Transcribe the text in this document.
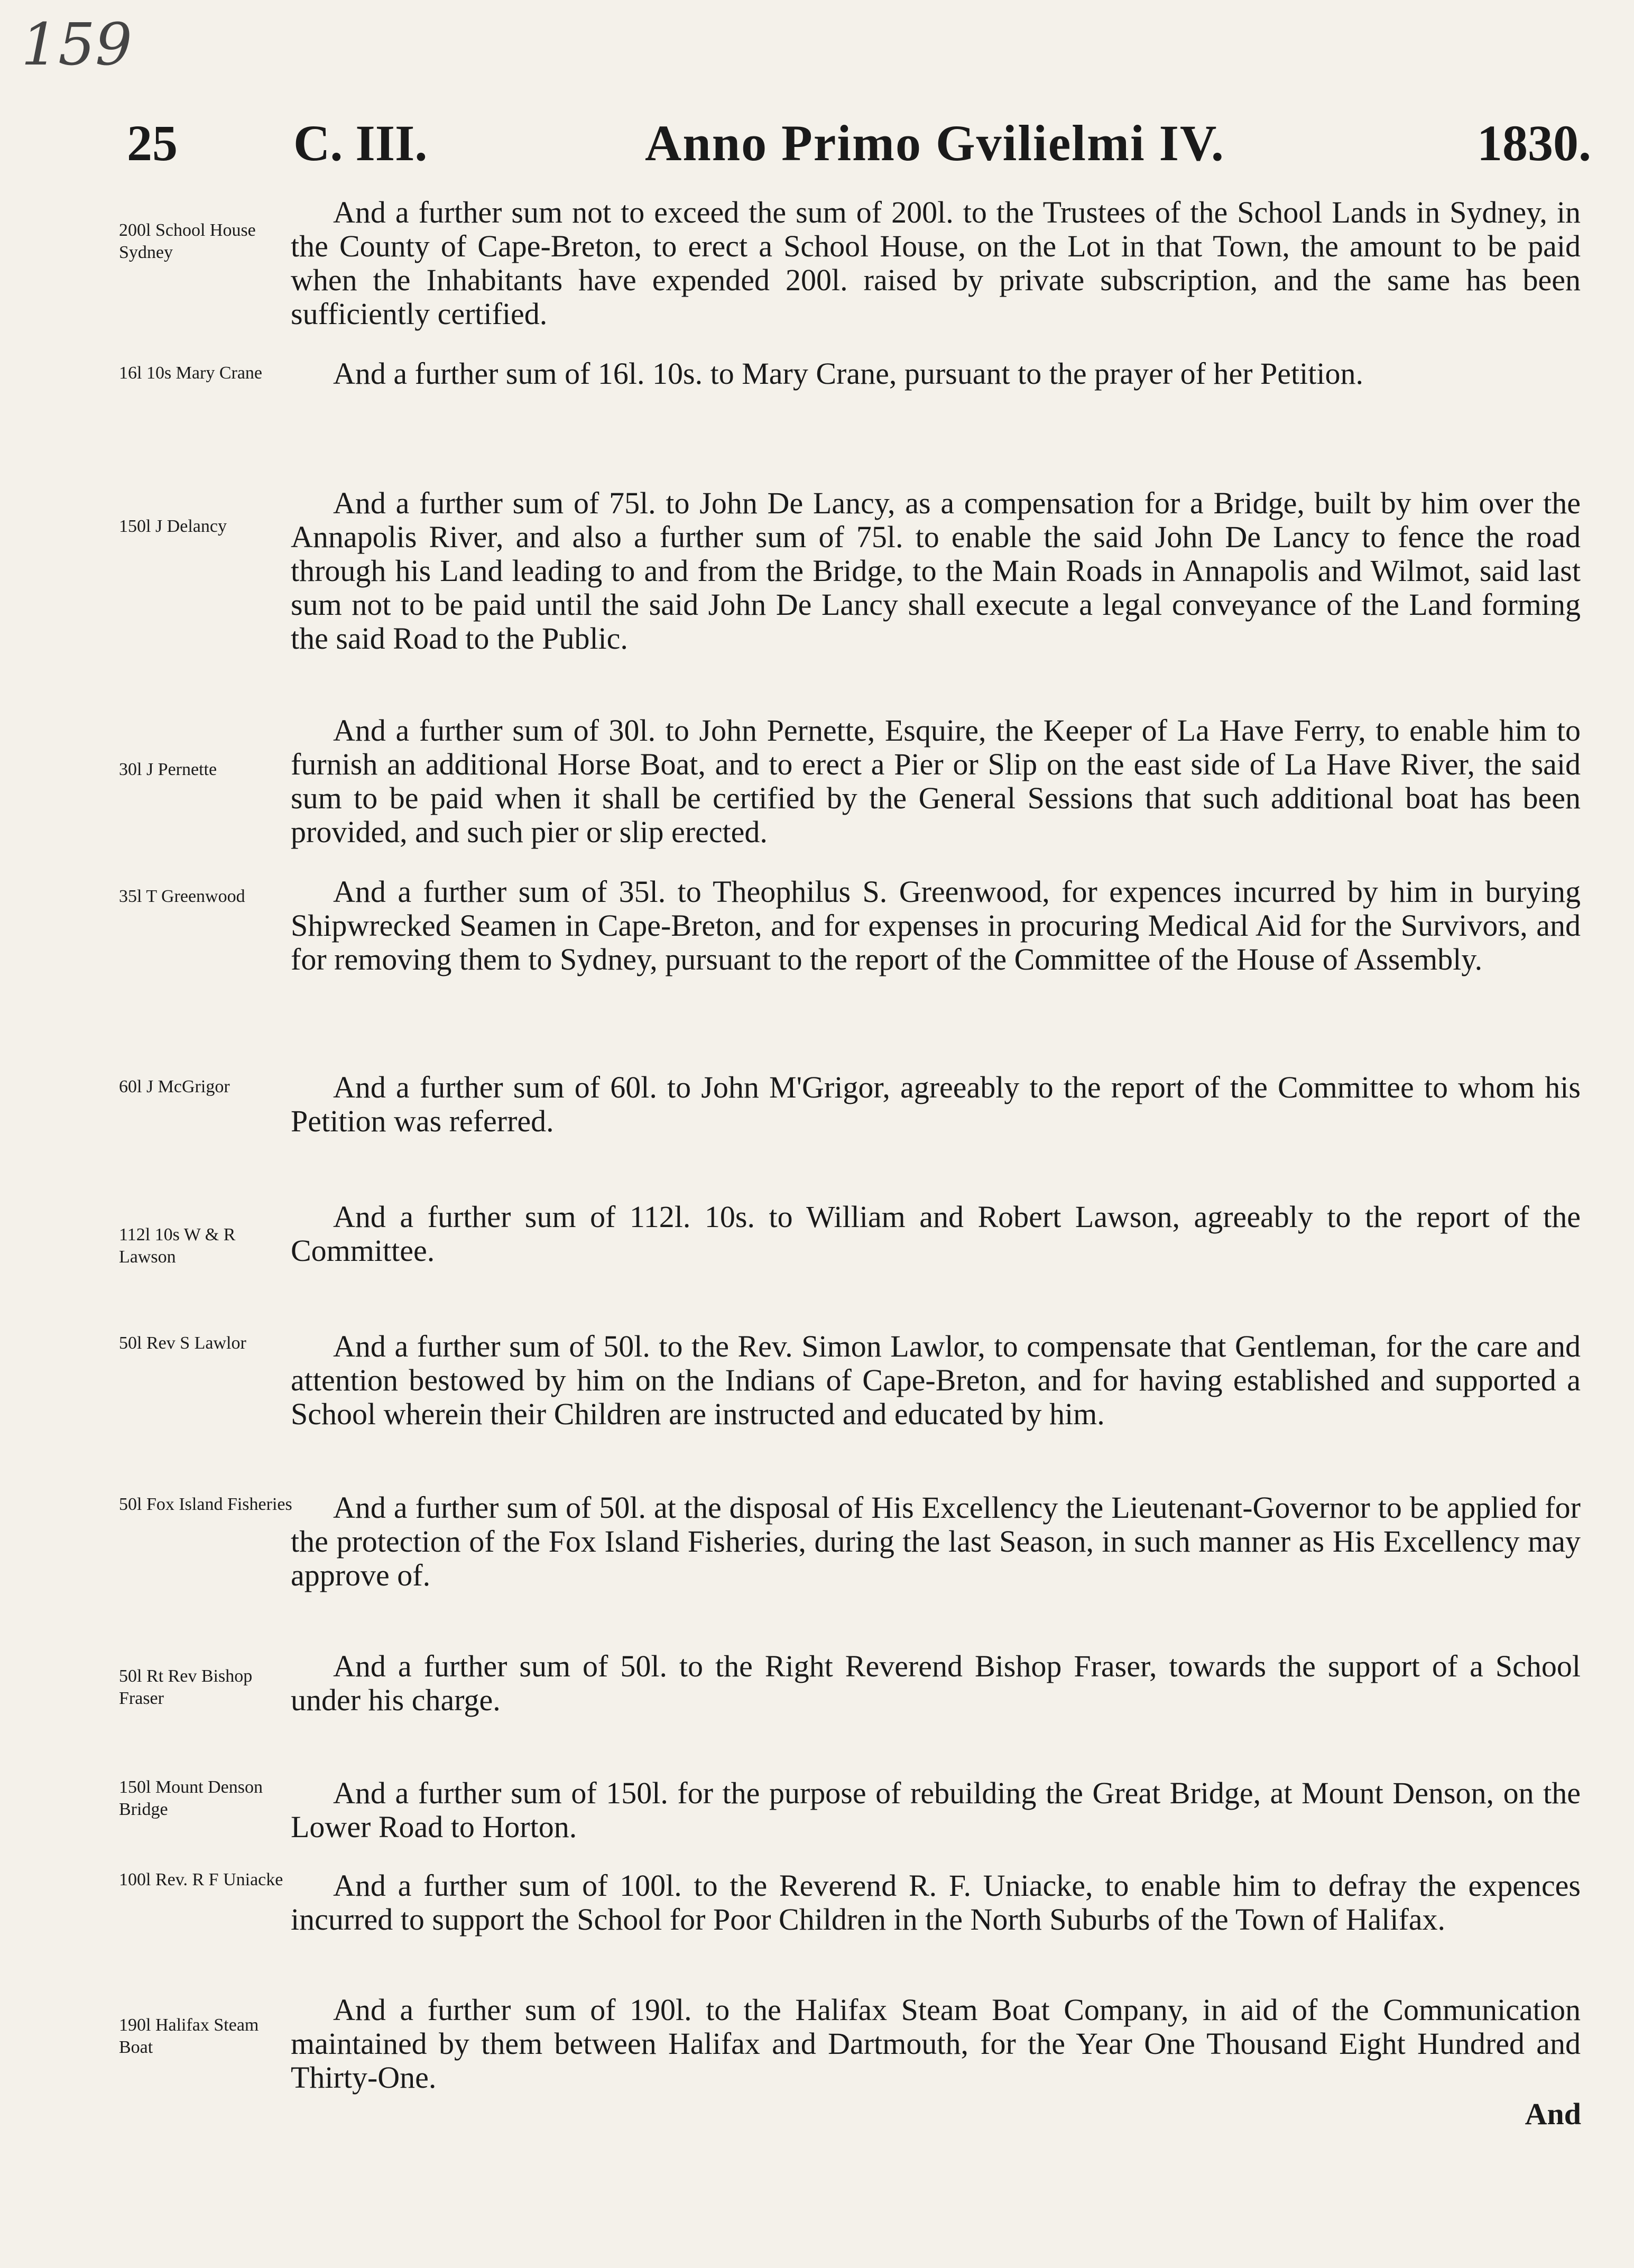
159
25 C. III.	Anno Primo Gvilielmi IV.	1830.
200l School House Sydney
And a further sum not to exceed the sum of 200l. to the Trustees of the School Lands in Sydney, in the County of Cape-Breton, to erect a School House, on the Lot in that Town, the amount to be paid when the Inhabitants have expended 200l. raised by private subscription, and the same has been sufficiently certified.
16l 10s Mary Crane	And a further sum of 16l. 10s. to Mary Crane, pursuant to the prayer of her Petition.
150l J Delancy
And a further sum of 75l. to John De Lancy, as a compensation for a Bridge, built by him over the Annapolis River, and also a further sum of 75l. to enable the said John De Lancy to fence the road through his Land leading to and from the Bridge, to the Main Roads in Annapolis and Wilmot, said last sum not to be paid until the said John De Lancy shall execute a legal conveyance of the Land forming the said Road to the Public.
30l J Pernette
And a further sum of 30l. to John Pernette, Esquire, the Keeper of La Have Ferry, to enable him to furnish an additional Horse Boat, and to erect a Pier or Slip on the east side of La Have River, the said sum to be paid when it shall be certified by the General Sessions that such additional boat has been provided, and such pier or slip erected.
35l T Greenwood	And a further sum of 35l. to Theophilus S. Greenwood, for expences incurred by him in burying Shipwrecked Seamen in Cape-Breton, and for expenses in procuring Medical Aid for the Survivors, and for removing them to Sydney, pursuant to the report of the Committee of the House of Assembly.
60l J McGrigor	And a further sum of 60l. to John M'Grigor, agreeably to the report of the Committee to whom his Petition was referred.
112l 10s W & R Lawson
And a further sum of 112l. 10s. to William and Robert Lawson, agreeably to the report of the Committee.
50l Rev S Lawlor	And a further sum of 50l. to the Rev. Simon Lawlor, to compensate that Gentleman, for the care and attention bestowed by him on the Indians of Cape-Breton, and for having established and supported a School wherein their Children are instructed and educated by him.
50l Fox Island Fisheries	And a further sum of 50l. at the disposal of His Excellency the Lieutenant-Governor to be applied for the protection of the Fox Island Fisheries, during the last Season, in such manner as His Excellency may approve of.
50l Rt Rev Bishop Fraser
And a further sum of 50l. to the Right Reverend Bishop Fraser, towards the support of a School under his charge.
150l Mount Denson Bridge	And a further sum of 150l. for the purpose of rebuilding the Great Bridge, at Mount Denson, on the Lower Road to Horton.
100l Rev. R F Uniacke	And a further sum of 100l. to the Reverend R. F. Uniacke, to enable him to defray the expences incurred to support the School for Poor Children in the North Suburbs of the Town of Halifax.
190l Halifax Steam Boat
And a further sum of 190l. to the Halifax Steam Boat Company, in aid of the Communication maintained by them between Halifax and Dartmouth, for the Year One Thousand Eight Hundred and Thirty-One.
And
